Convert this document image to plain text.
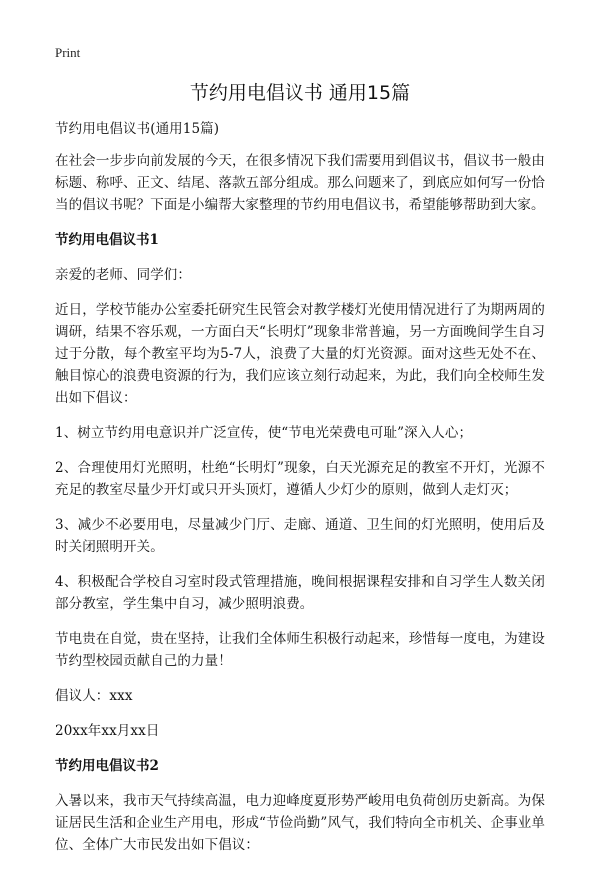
Print
节约用电倡议书 通用15篇

节约用电倡议书(通用15篇)

在社会一步步向前发展的今天，在很多情况下我们需要用到倡议书，倡议书一般由标题、称呼、正文、结尾、落款五部分组成。那么问题来了，到底应如何写一份恰当的倡议书呢？下面是小编帮大家整理的节约用电倡议书，希望能够帮助到大家。

节约用电倡议书1

亲爱的老师、同学们：

近日，学校节能办公室委托研究生民管会对教学楼灯光使用情况进行了为期两周的调研，结果不容乐观，一方面白天“长明灯”现象非常普遍，另一方面晚间学生自习过于分散，每个教室平均为5-7人，浪费了大量的灯光资源。面对这些无处不在、触目惊心的浪费电资源的行为，我们应该立刻行动起来，为此，我们向全校师生发出如下倡议：

1、树立节约用电意识并广泛宣传，使“节电光荣费电可耻”深入人心；

2、合理使用灯光照明，杜绝“长明灯”现象，白天光源充足的教室不开灯，光源不充足的教室尽量少开灯或只开头顶灯，遵循人少灯少的原则，做到人走灯灭；

3、减少不必要用电，尽量减少门厅、走廊、通道、卫生间的灯光照明，使用后及时关闭照明开关。

4、积极配合学校自习室时段式管理措施，晚间根据课程安排和自习学生人数关闭部分教室，学生集中自习，减少照明浪费。

节电贵在自觉，贵在坚持，让我们全体师生积极行动起来，珍惜每一度电，为建设节约型校园贡献自己的力量！

倡议人：xxx

20xx年xx月xx日

节约用电倡议书2

入暑以来，我市天气持续高温，电力迎峰度夏形势严峻用电负荷创历史新高。为保证居民生活和企业生产用电，形成“节俭尚勤”风气，我们特向全市机关、企事业单位、全体广大市民发出如下倡议：
